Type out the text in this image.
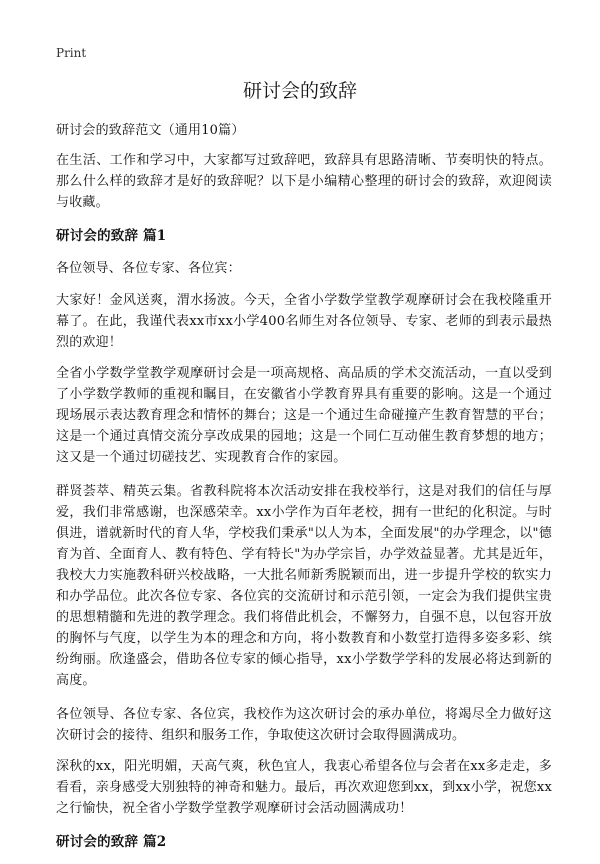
Print
研讨会的致辞

研讨会的致辞范文（通用10篇）

在生活、工作和学习中，大家都写过致辞吧，致辞具有思路清晰、节奏明快的特点。那么什么样的致辞才是好的致辞呢？以下是小编精心整理的研讨会的致辞，欢迎阅读与收藏。

研讨会的致辞 篇1

各位领导、各位专家、各位宾：

大家好！金风送爽，渭水扬波。今天，全省小学数学堂教学观摩研讨会在我校隆重开幕了。在此，我谨代表xx市xx小学400名师生对各位领导、专家、老师的到表示最热烈的欢迎！

全省小学数学堂教学观摩研讨会是一项高规格、高品质的学术交流活动，一直以受到了小学数学教师的重视和瞩目，在安徽省小学教育界具有重要的影响。这是一个通过现场展示表达教育理念和情怀的舞台；这是一个通过生命碰撞产生教育智慧的平台；这是一个通过真情交流分享改成果的园地；这是一个同仁互动催生教育梦想的地方；这又是一个通过切磋技艺、实现教育合作的家园。

群贤荟萃、精英云集。省教科院将本次活动安排在我校举行，这是对我们的信任与厚爱，我们非常感谢，也深感荣幸。xx小学作为百年老校，拥有一世纪的化积淀。与时俱进，谱就新时代的育人华，学校我们秉承"以人为本，全面发展"的办学理念，以"德育为首、全面育人、教有特色、学有特长"为办学宗旨，办学效益显著。尤其是近年，我校大力实施教科研兴校战略，一大批名师新秀脱颖而出，进一步提升学校的软实力和办学品位。此次各位专家、各位宾的交流研讨和示范引领，一定会为我们提供宝贵的思想精髓和先进的教学理念。我们将借此机会，不懈努力，自强不息，以包容开放的胸怀与气度，以学生为本的理念和方向，将小数教育和小数堂打造得多姿多彩、缤纷绚丽。欣逢盛会，借助各位专家的倾心指导，xx小学数学学科的发展必将达到新的高度。

各位领导、各位专家、各位宾，我校作为这次研讨会的承办单位，将竭尽全力做好这次研讨会的接待、组织和服务工作，争取使这次研讨会取得圆满成功。

深秋的xx，阳光明媚，天高气爽，秋色宜人，我衷心希望各位与会者在xx多走走，多看看，亲身感受大别独特的神奇和魅力。最后，再次欢迎您到xx，到xx小学，祝您xx之行愉快，祝全省小学数学堂教学观摩研讨会活动圆满成功！

研讨会的致辞 篇2
